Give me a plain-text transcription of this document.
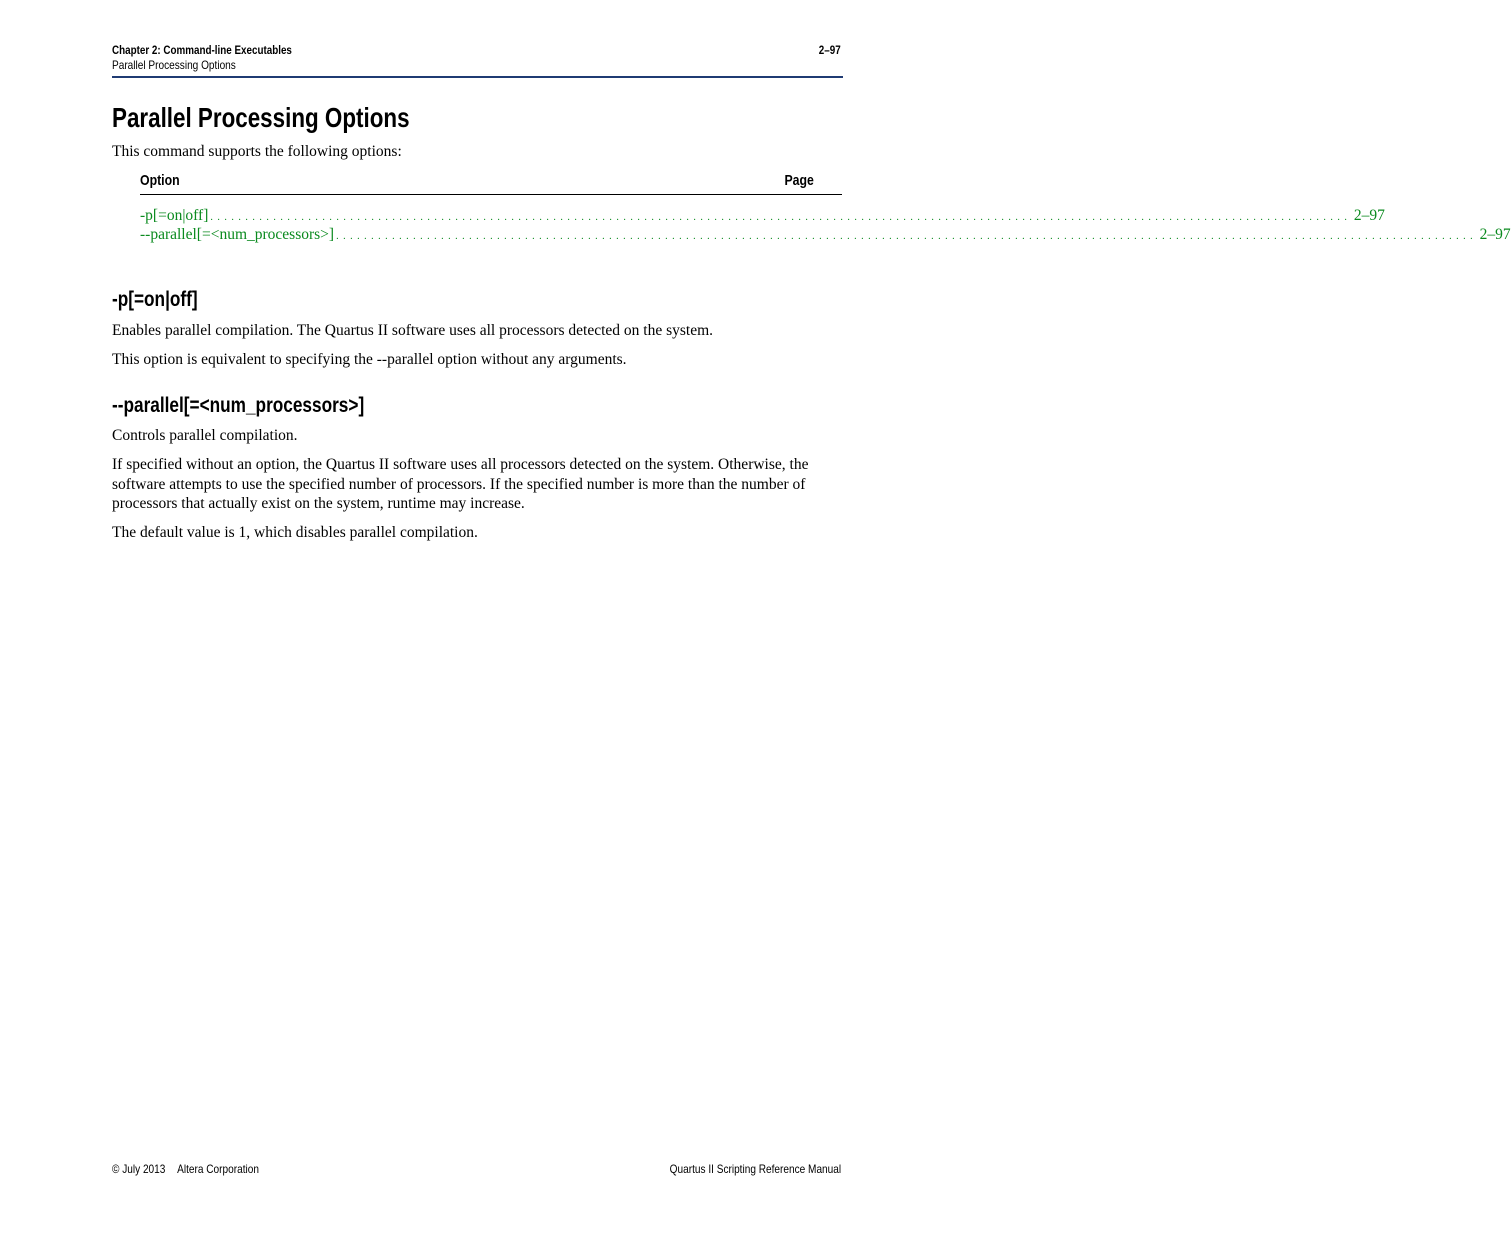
Chapter 2: Command-line Executables
Parallel Processing Options
2–97
Parallel Processing Options
This command supports the following options:
Option	Page
-p[=on|off] . . . . . . . . . . . . . . . . . . . . . . . . . . . . . . . . . . . . . . . . . . . . . . . . . . . . . . . . . . . . . . . . . . . . . . . . . . . . . . . . . . . . . . . . . . . . . . . . . . . . . . . . . . . . . . . . . . . . . . . . . . . . . . . . . . . . . . . . . . . . . . . . . . . . . . . . . . . . . . . . . . . 2–97
--parallel[=<num_processors>] . . . . . . . . . . . . . . . . . . . . . . . . . . . . . . . . . . . . . . . . . . . . . . . . . . . . . . . . . . . . . . . . . . . . . . . . . . . . . . . . . . . . . . . . . . . . . . . . . . . . . . . . . . . . . . . . . . . . . . . . . . . . . . . . . . . . . . . . . . . . . . . . . . . . . . . . . . . . . . . . . . . 2–97
-p[=on|off]
Enables parallel compilation. The Quartus II software uses all processors detected on the system.
This option is equivalent to specifying the --parallel option without any arguments.
--parallel[=<num_processors>]
Controls parallel compilation.
If specified without an option, the Quartus II software uses all processors detected on the system. Otherwise, the software attempts to use the specified number of processors. If the specified number is more than the number of processors that actually exist on the system, runtime may increase.
The default value is 1, which disables parallel compilation.
© July 2013 Altera Corporation	Quartus II Scripting Reference Manual
